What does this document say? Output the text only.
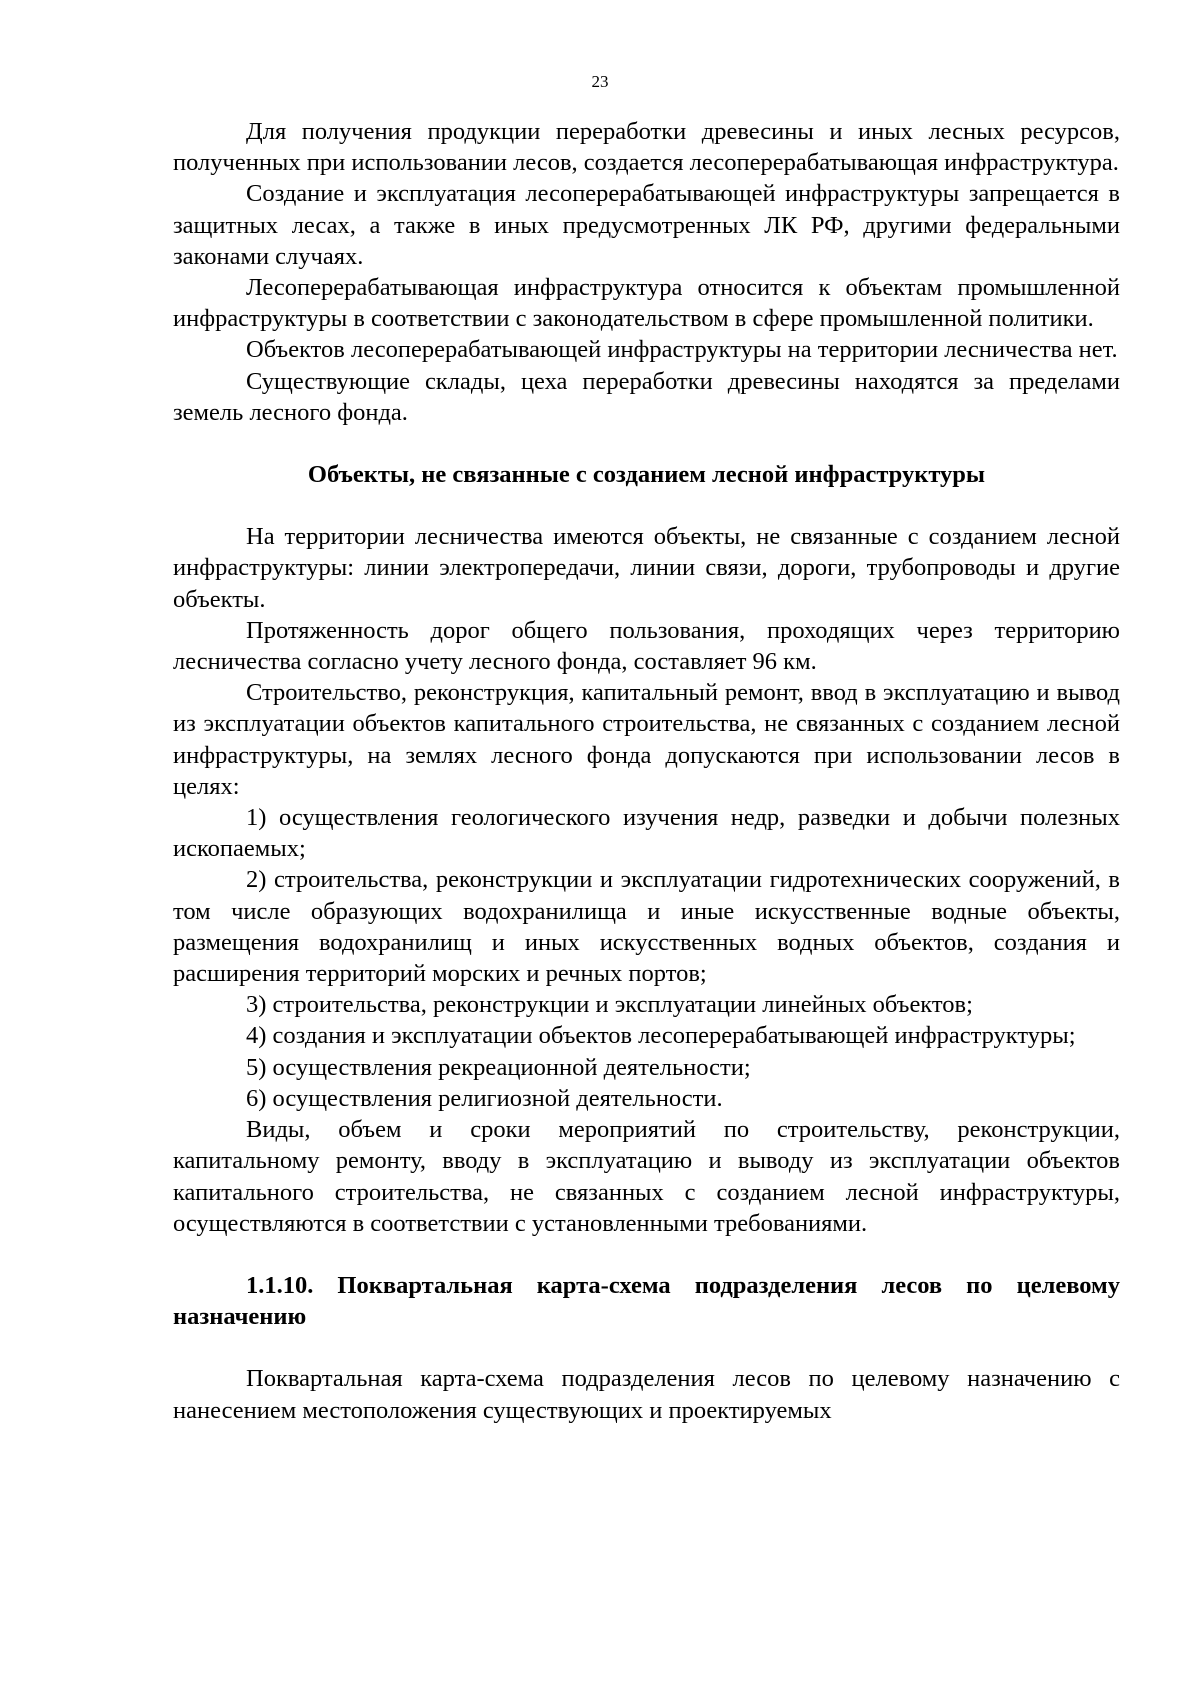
23

Для получения продукции переработки древесины и иных лесных ресурсов, полученных при использовании лесов, создается лесоперерабатывающая инфраструктура.

Создание и эксплуатация лесоперерабатывающей инфраструктуры запрещается в защитных лесах, а также в иных предусмотренных ЛК РФ, другими федеральными законами случаях.

Лесоперерабатывающая инфраструктура относится к объектам промышленной инфраструктуры в соответствии с законодательством в сфере промышленной политики.

Объектов лесоперерабатывающей инфраструктуры на территории лесничества нет.

Существующие склады, цеха переработки древесины находятся за пределами земель лесного фонда.

Объекты, не связанные с созданием лесной инфраструктуры

На территории лесничества имеются объекты, не связанные с созданием лесной инфраструктуры: линии электропередачи, линии связи, дороги, трубопроводы и другие объекты.

Протяженность дорог общего пользования, проходящих через территорию лесничества согласно учету лесного фонда, составляет 96 км.

Строительство, реконструкция, капитальный ремонт, ввод в эксплуатацию и вывод из эксплуатации объектов капитального строительства, не связанных с созданием лесной инфраструктуры, на землях лесного фонда допускаются при использовании лесов в целях:

1) осуществления геологического изучения недр, разведки и добычи полезных ископаемых;

2) строительства, реконструкции и эксплуатации гидротехнических сооружений, в том числе образующих водохранилища и иные искусственные водные объекты, размещения водохранилищ и иных искусственных водных объектов, создания и расширения территорий морских и речных портов;

3) строительства, реконструкции и эксплуатации линейных объектов;

4) создания и эксплуатации объектов лесоперерабатывающей инфраструктуры;

5) осуществления рекреационной деятельности;

6) осуществления религиозной деятельности.

Виды, объем и сроки мероприятий по строительству, реконструкции, капитальному ремонту, вводу в эксплуатацию и выводу из эксплуатации объектов капитального строительства, не связанных с созданием лесной инфраструктуры, осуществляются в соответствии с установленными требованиями.

1.1.10. Поквартальная карта-схема подразделения лесов по целевому назначению

Поквартальная карта-схема подразделения лесов по целевому назначению с нанесением местоположения существующих и проектируемых
